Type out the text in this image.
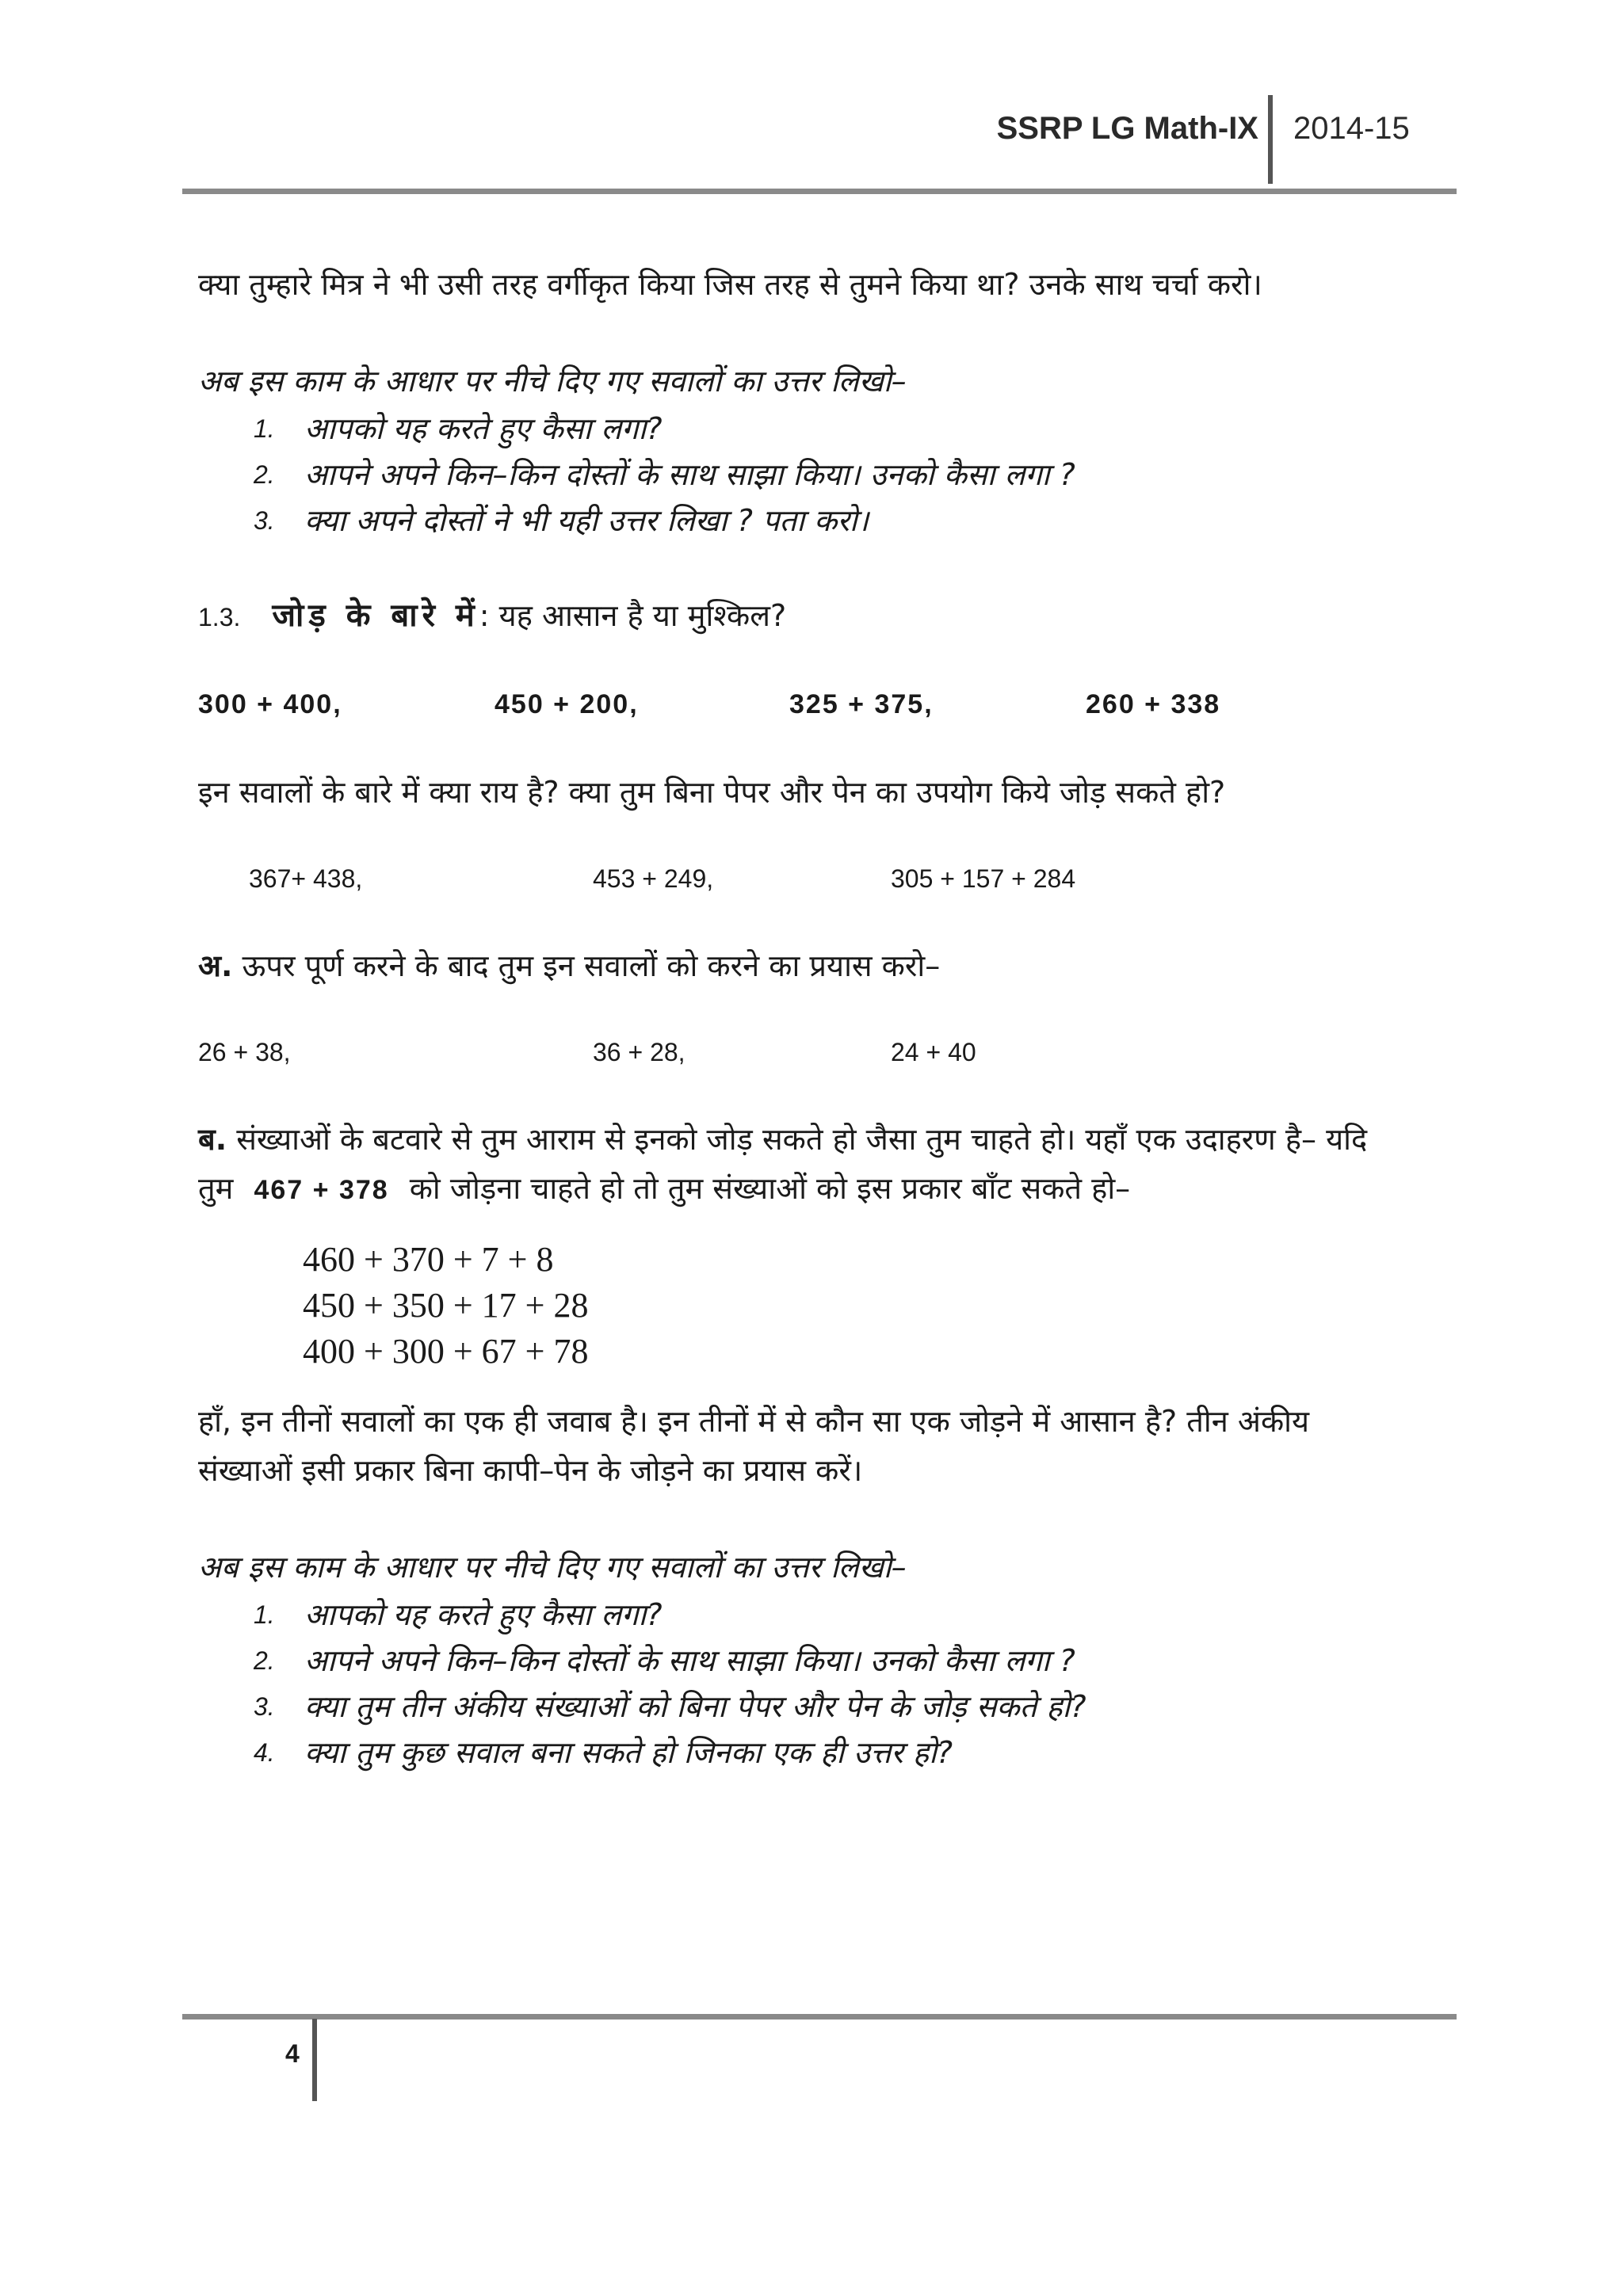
SSRP LG Math-IX 2014-15

क्या तुम्हारे मित्र ने भी उसी तरह वर्गीकृत किया जिस तरह से तुमने किया था? उनके साथ चर्चा करो।

अब इस काम के आधार पर नीचे दिए गए सवालों का उत्तर लिखो–

1. आपको यह करते हुए कैसा लगा?
2. आपने अपने किन–किन दोस्तों के साथ साझा किया। उनको कैसा लगा ?
3. क्या अपने दोस्तों ने भी यही उत्तर लिखा ? पता करो।
1.3. जोड़ के बारे में: यह आसान है या मुश्किल?
300 + 400,	450 + 200,	325 + 375,	260 + 338

इन सवालों के बारे में क्या राय है? क्या तुम बिना पेपर और पेन का उपयोग किये जोड़ सकते हो?

367+ 438,	453 + 249,	305 + 157 + 284

अ. ऊपर पूर्ण करने के बाद तुम इन सवालों को करने का प्रयास करो–

26 + 38,	36 + 28,	24 + 40

ब. संख्याओं के बटवारे से तुम आराम से इनको जोड़ सकते हो जैसा तुम चाहते हो। यहाँ एक उदाहरण है– यदि तुम 467 + 378 को जोड़ना चाहते हो तो तुम संख्याओं को इस प्रकार बाँट सकते हो–

460 + 370 + 7 + 8
450 + 350 + 17 + 28
400 + 300 + 67 + 78

हाँ, इन तीनों सवालों का एक ही जवाब है। इन तीनों में से कौन सा एक जोड़ने में आसान है? तीन अंकीय संख्याओं इसी प्रकार बिना कापी–पेन के जोड़ने का प्रयास करें।

अब इस काम के आधार पर नीचे दिए गए सवालों का उत्तर लिखो–

1. आपको यह करते हुए कैसा लगा?
2. आपने अपने किन–किन दोस्तों के साथ साझा किया। उनको कैसा लगा ?
3. क्या तुम तीन अंकीय संख्याओं को बिना पेपर और पेन के जोड़ सकते हो?
4. क्या तुम कुछ सवाल बना सकते हो जिनका एक ही उत्तर हो?
4
